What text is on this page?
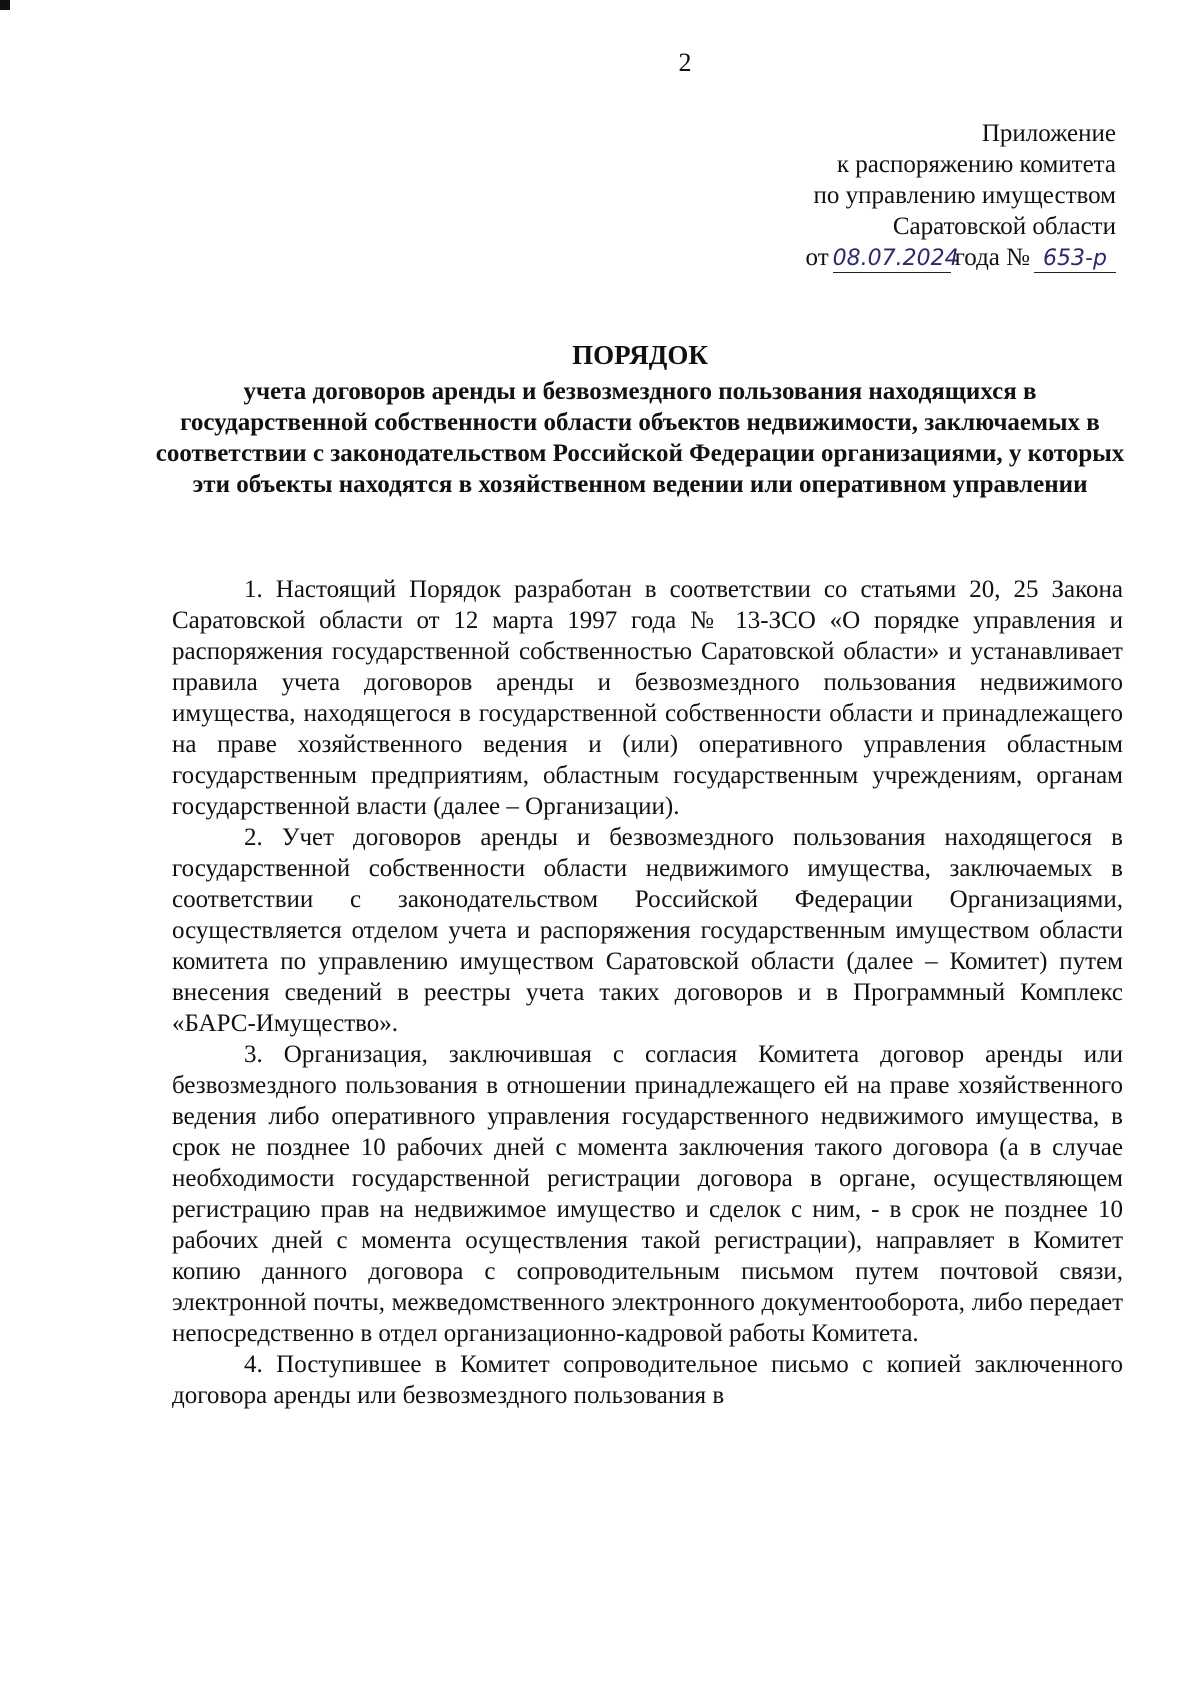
2
Приложение
к распоряжению комитета
по управлению имуществом
Саратовской области
от 08.07.2024
года № 653-р
ПОРЯДОК
учета договоров аренды и безвозмездного пользования находящихся в государственной собственности области объектов недвижимости, заключаемых в соответствии с законодательством Российской Федерации организациями, у которых эти объекты находятся в хозяйственном ведении или оперативном управлении

1. Настоящий Порядок разработан в соответствии со статьями 20, 25 Закона Саратовской области от 12 марта 1997 года № 13-ЗСО «О порядке управления и распоряжения государственной собственностью Саратовской области» и устанавливает правила учета договоров аренды и безвозмездного пользования недвижимого имущества, находящегося в государственной собственности области и принадлежащего на праве хозяйственного ведения и (или) оперативного управления областным государственным предприятиям, областным государственным учреждениям, органам государственной власти (далее – Организации).

2. Учет договоров аренды и безвозмездного пользования находящегося в государственной собственности области недвижимого имущества, заключаемых в соответствии с законодательством Российской Федерации Организациями, осуществляется отделом учета и распоряжения государственным имуществом области комитета по управлению имуществом Саратовской области (далее – Комитет) путем внесения сведений в реестры учета таких договоров и в Программный Комплекс «БАРС-Имущество».

3. Организация, заключившая с согласия Комитета договор аренды или безвозмездного пользования в отношении принадлежащего ей на праве хозяйственного ведения либо оперативного управления государственного недвижимого имущества, в срок не позднее 10 рабочих дней с момента заключения такого договора (а в случае необходимости государственной регистрации договора в органе, осуществляющем регистрацию прав на недвижимое имущество и сделок с ним, - в срок не позднее 10 рабочих дней с момента осуществления такой регистрации), направляет в Комитет копию данного договора с сопроводительным письмом путем почтовой связи, электронной почты, межведомственного электронного документооборота, либо передает непосредственно в отдел организационно-кадровой работы Комитета.

4. Поступившее в Комитет сопроводительное письмо с копией заключенного договора аренды или безвозмездного пользования в
